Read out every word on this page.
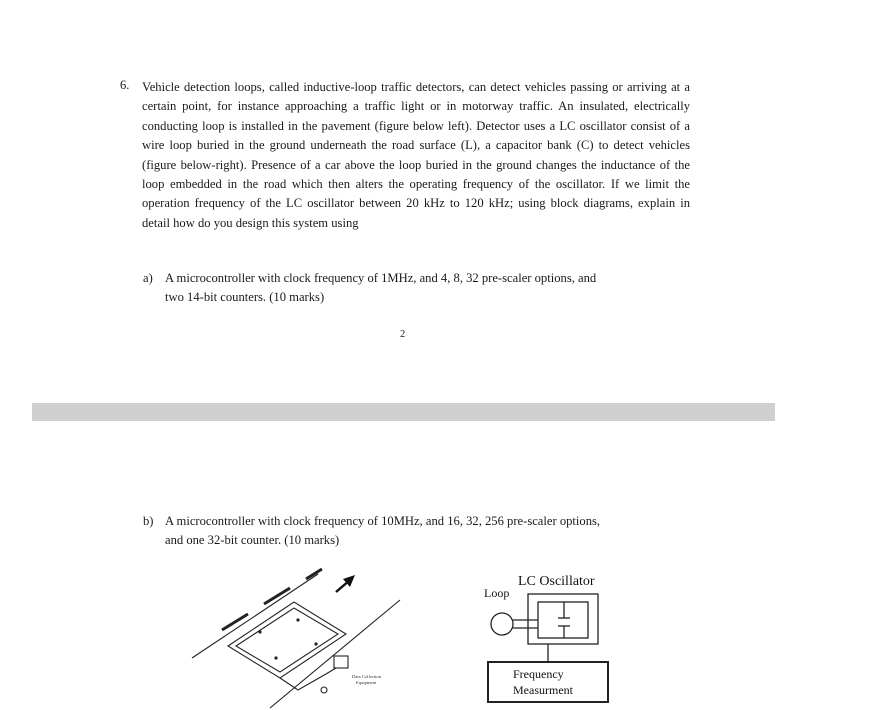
6. Vehicle detection loops, called inductive-loop traffic detectors, can detect vehicles passing or arriving at a certain point, for instance approaching a traffic light or in motorway traffic. An insulated, electrically conducting loop is installed in the pavement (figure below left). Detector uses a LC oscillator consist of a wire loop buried in the ground underneath the road surface (L), a capacitor bank (C) to detect vehicles (figure below-right). Presence of a car above the loop buried in the ground changes the inductance of the loop embedded in the road which then alters the operating frequency of the oscillator. If we limit the operation frequency of the LC oscillator between 20 kHz to 120 kHz; using block diagrams, explain in detail how do you design this system using
a) A microcontroller with clock frequency of 1MHz, and 4, 8, 32 pre-scaler options, and
two 14-bit counters. (10 marks)
2
b) A microcontroller with clock frequency of 10MHz, and 16, 32, 256 pre-scaler options,
and one 32-bit counter. (10 marks)
Data Collection
Equipment
LC Oscillator
Loop
Frequency
Measurment
